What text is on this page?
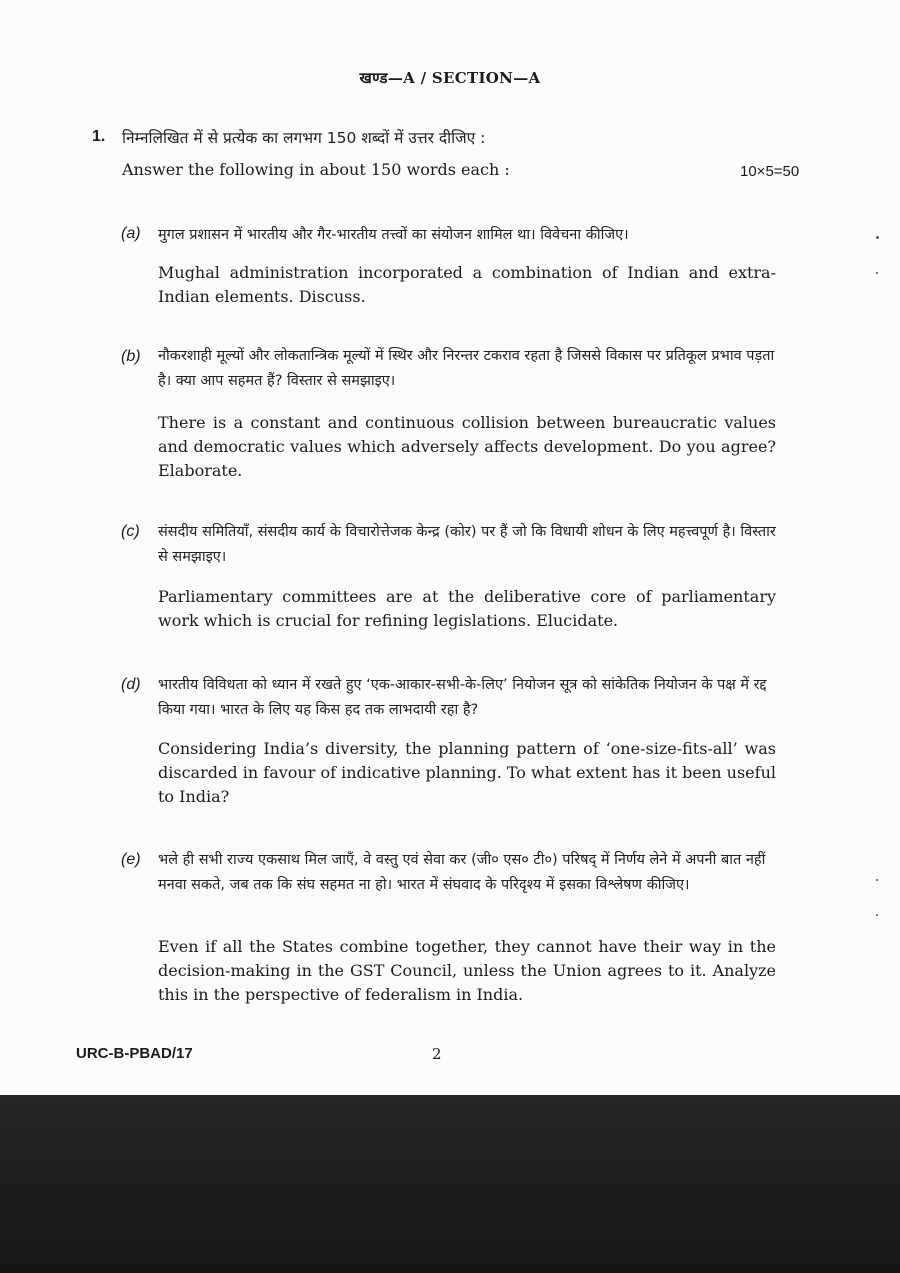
खण्ड—A / SECTION—A
1. निम्नलिखित में से प्रत्येक का लगभग 150 शब्दों में उत्तर दीजिए :
Answer the following in about 150 words each :	10×5=50
(a) मुगल प्रशासन में भारतीय और गैर-भारतीय तत्त्वों का संयोजन शामिल था। विवेचना कीजिए।
Mughal administration incorporated a combination of Indian and extra-Indian elements. Discuss.
(b) नौकरशाही मूल्यों और लोकतान्त्रिक मूल्यों में स्थिर और निरन्तर टकराव रहता है जिससे विकास पर प्रतिकूल प्रभाव पड़ता है। क्या आप सहमत हैं? विस्तार से समझाइए।
There is a constant and continuous collision between bureaucratic values and democratic values which adversely affects development. Do you agree? Elaborate.
(c) संसदीय समितियाँ, संसदीय कार्य के विचारोत्तेजक केन्द्र (कोर) पर हैं जो कि विधायी शोधन के लिए महत्त्वपूर्ण है। विस्तार से समझाइए।
Parliamentary committees are at the deliberative core of parliamentary work which is crucial for refining legislations. Elucidate.
(d) भारतीय विविधता को ध्यान में रखते हुए ‘एक-आकार-सभी-के-लिए’ नियोजन सूत्र को सांकेतिक नियोजन के पक्ष में रद्द किया गया। भारत के लिए यह किस हद तक लाभदायी रहा है?
Considering India’s diversity, the planning pattern of ‘one-size-fits-all’ was discarded in favour of indicative planning. To what extent has it been useful to India?
(e) भले ही सभी राज्य एकसाथ मिल जाएँ, वे वस्तु एवं सेवा कर (जी० एस० टी०) परिषद् में निर्णय लेने में अपनी बात नहीं मनवा सकते, जब तक कि संघ सहमत ना हो। भारत में संघवाद के परिदृश्य में इसका विश्लेषण कीजिए।
Even if all the States combine together, they cannot have their way in the decision-making in the GST Council, unless the Union agrees to it. Analyze this in the perspective of federalism in India.
URC-B-PBAD/17	2
